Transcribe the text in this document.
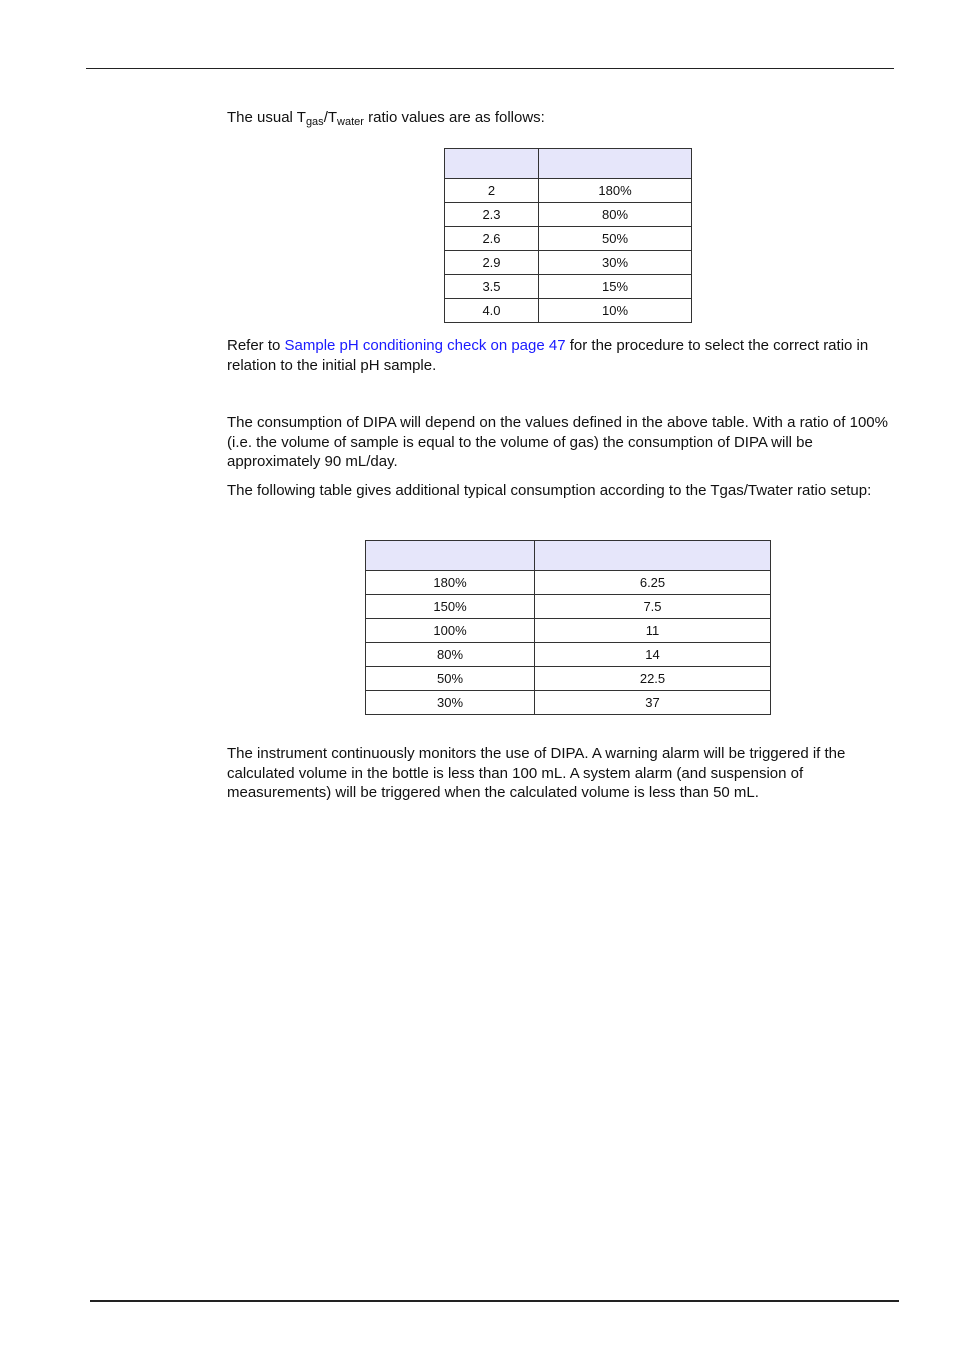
The usual $T_{gas}/T_{water}$ ratio values are as follows:

2	180%
2.3	80%
2.6	50%
2.9	30%
3.5	15%
4.0	10%

Refer to Sample pH conditioning check on page 47 for the procedure to select the correct ratio in relation to the initial pH sample.

The consumption of DIPA will depend on the values defined in the above table. With a ratio of 100% (i.e. the volume of sample is equal to the volume of gas) the consumption of DIPA will be approximately 90 mL/day.

The following table gives additional typical consumption according to the Tgas/Twater ratio setup:

180%	6.25
150%	7.5
100%	11
80%	14
50%	22.5
30%	37

The instrument continuously monitors the use of DIPA. A warning alarm will be triggered if the calculated volume in the bottle is less than 100 mL. A system alarm (and suspension of measurements) will be triggered when the calculated volume is less than 50 mL.
